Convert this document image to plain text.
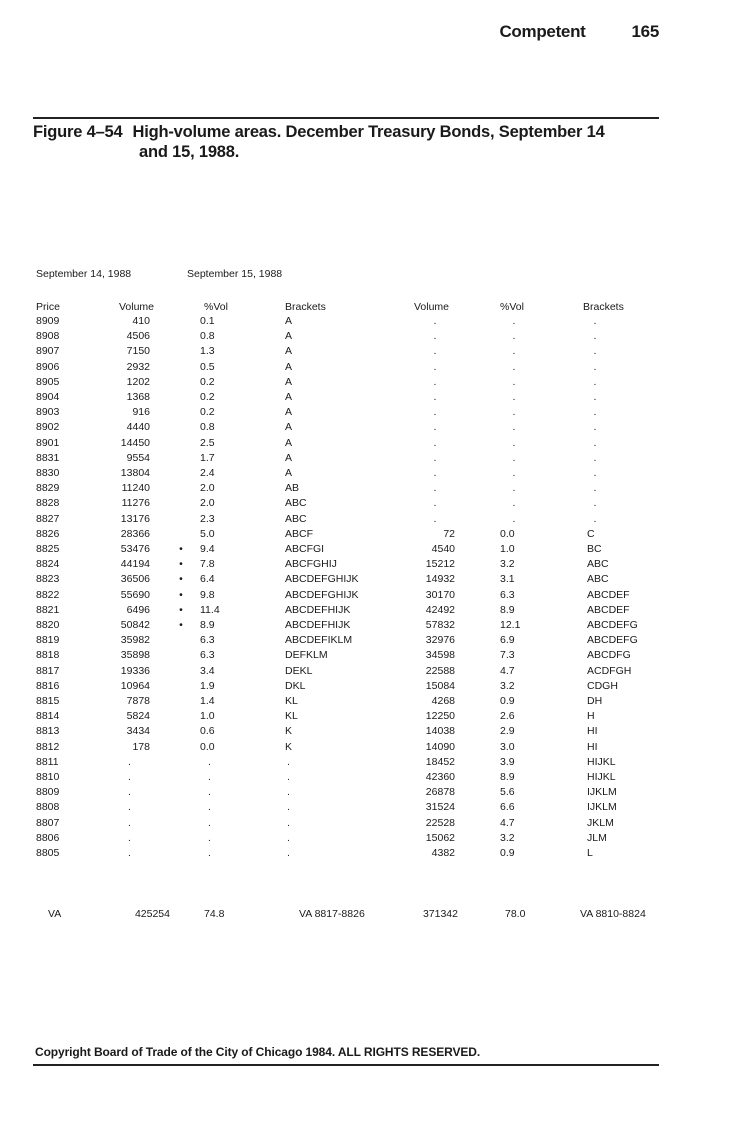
Competent	165
Figure 4–54 High-volume areas. December Treasury Bonds, September 14
and 15, 1988.
September 14, 1988	September 15, 1988
Price	Volume	%Vol	Brackets	Volume	%Vol	Brackets
8909	410	0.1	A	.	.	.
8908	4506	0.8	A	.	.	.
8907	7150	1.3	A	.	.	.
8906	2932	0.5	A	.	.	.
8905	1202	0.2	A	.	.	.
8904	1368	0.2	A	.	.	.
8903	916	0.2	A	.	.	.
8902	4440	0.8	A	.	.	.
8901	14450	2.5	A	.	.	.
8831	9554	1.7	A	.	.	.
8830	13804	2.4	A	.	.	.
8829	11240	2.0	AB	.	.	.
8828	11276	2.0	ABC	.	.	.
8827	13176	2.3	ABC	.	.	.
8826	28366	5.0	ABCF	72	0.0	C
8825	53476	•	9.4	ABCFGI	4540	1.0	BC
8824	44194	•	7.8	ABCFGHIJ	15212	3.2	ABC
8823	36506	•	6.4	ABCDEFGHIJK	14932	3.1	ABC
8822	55690	•	9.8	ABCDEFGHIJK	30170	6.3	ABCDEF
8821	6496	•	11.4	ABCDEFHIJK	42492	8.9	ABCDEF
8820	50842	•	8.9	ABCDEFHIJK	57832	12.1	ABCDEFG
8819	35982	6.3	ABCDEFIKLM	32976	6.9	ABCDEFG
8818	35898	6.3	DEFKLM	34598	7.3	ABCDFG
8817	19336	3.4	DEKL	22588	4.7	ACDFGH
8816	10964	1.9	DKL	15084	3.2	CDGH
8815	7878	1.4	KL	4268	0.9	DH
8814	5824	1.0	KL	12250	2.6	H
8813	3434	0.6	K	14038	2.9	HI
8812	178	0.0	K	14090	3.0	HI
8811	.	.	.	18452	3.9	HIJKL
8810	.	.	.	42360	8.9	HIJKL
8809	.	.	.	26878	5.6	IJKLM
8808	.	.	.	31524	6.6	IJKLM
8807	.	.	.	22528	4.7	JKLM
8806	.	.	.	15062	3.2	JLM
8805	.	.	.	4382	0.9	L
VA	425254	74.8	VA 8817-8826	371342	78.0	VA 8810-8824
Copyright Board of Trade of the City of Chicago 1984. ALL RIGHTS RESERVED.
